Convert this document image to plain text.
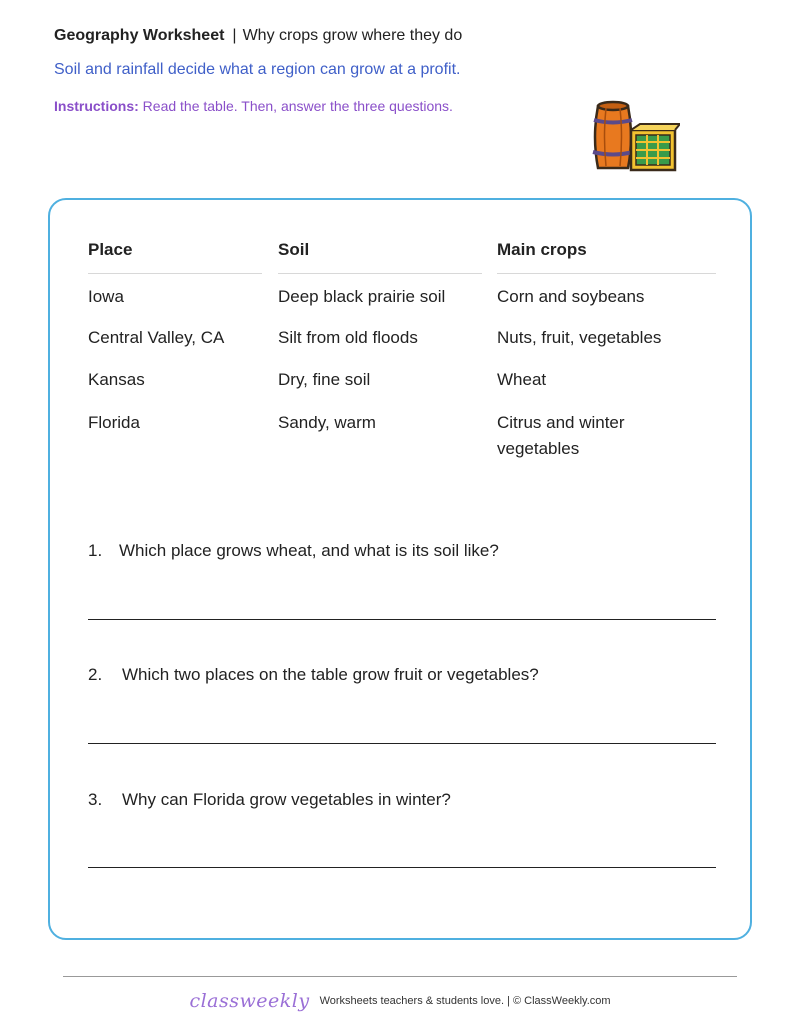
Geography Worksheet | Why crops grow where they do
Soil and rainfall decide what a region can grow at a profit.
Instructions: Read the table. Then, answer the three questions.
Place	Soil	Main crops
Iowa	Deep black prairie soil	Corn and soybeans
Central Valley, CA	Silt from old floods	Nuts, fruit, vegetables
Kansas	Dry, fine soil	Wheat
Florida	Sandy, warm	Citrus and winter vegetables
1. Which place grows wheat, and what is its soil like?
2. Which two places on the table grow fruit or vegetables?
3. Why can Florida grow vegetables in winter?
classweekly Worksheets teachers & students love. | © ClassWeekly.com
